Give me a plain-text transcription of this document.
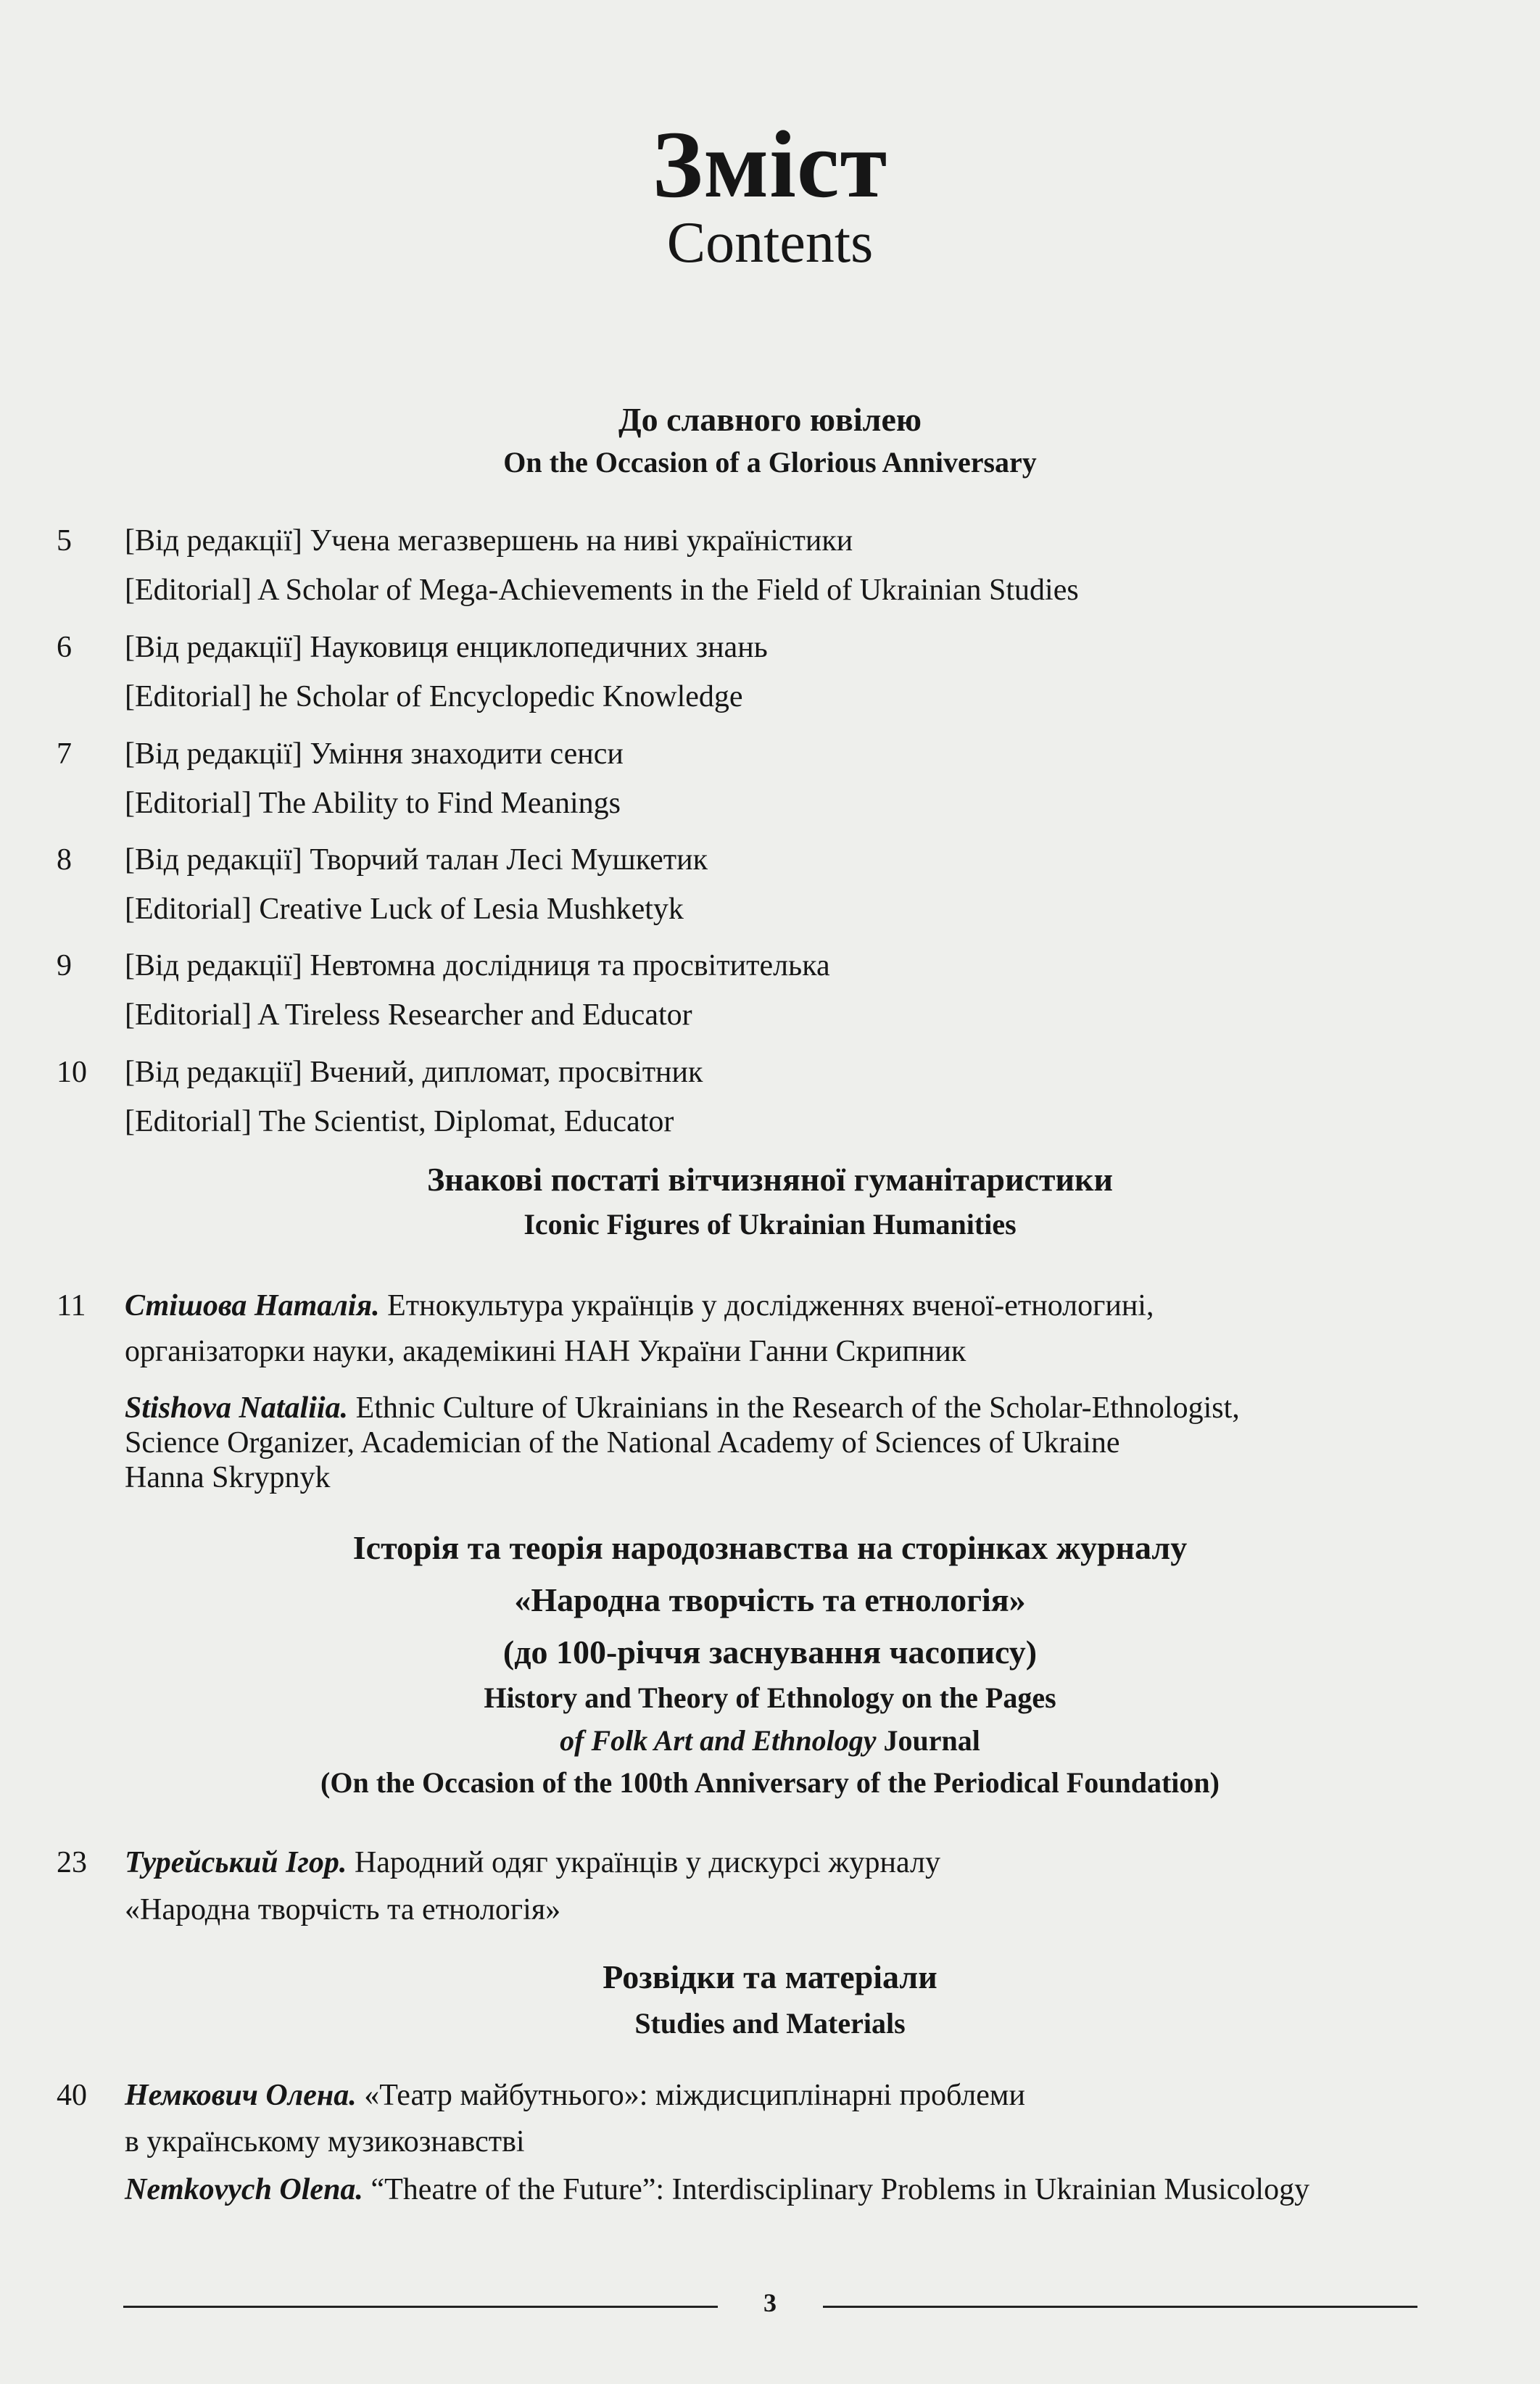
Зміст
Contents
До славного ювілею
On the Occasion of a Glorious Anniversary
5 [Від редакції] Учена мегазвершень на ниві україністики
[Editorial] A Scholar of Mega-Achievements in the Field of Ukrainian Studies
6 [Від редакції] Науковиця енциклопедичних знань
[Editorial] he Scholar of Encyclopedic Knowledge
7 [Від редакції] Уміння знаходити сенси
[Editorial] The Ability to Find Meanings
8 [Від редакції] Творчий талан Лесі Мушкетик
[Editorial] Creative Luck of Lesia Mushketyk
9 [Від редакції] Невтомна дослідниця та просвітителька
[Editorial] A Tireless Researcher and Educator
10 [Від редакції] Вчений, дипломат, просвітник
[Editorial] The Scientist, Diplomat, Educator
Знакові постаті вітчизняної гуманітаристики
Iconic Figures of Ukrainian Humanities
11 Стішова Наталія. Етнокультура українців у дослідженнях вченої-етнологині,
організаторки науки, академікині НАН України Ганни Скрипник
Stishova Nataliia. Ethnic Culture of Ukrainians in the Research of the Scholar-Ethnologist,
Science Organizer, Academician of the National Academy of Sciences of Ukraine
Hanna Skrypnyk
Історія та теорія народознавства на сторінках журналу
«Народна творчість та етнологія»
(до 100-річчя заснування часопису)
History and Theory of Ethnology on the Pages
of Folk Art and Ethnology Journal
(On the Occasion of the 100th Anniversary of the Periodical Foundation)
23 Турейський Ігор. Народний одяг українців у дискурсі журналу
«Народна творчість та етнологія»
Розвідки та матеріали
Studies and Materials
40 Немкович Олена. «Театр майбутнього»: міждисциплінарні проблеми
в українському музикознавстві
Nemkovych Olena. “Theatre of the Future”: Interdisciplinary Problems in Ukrainian Musicology
3
